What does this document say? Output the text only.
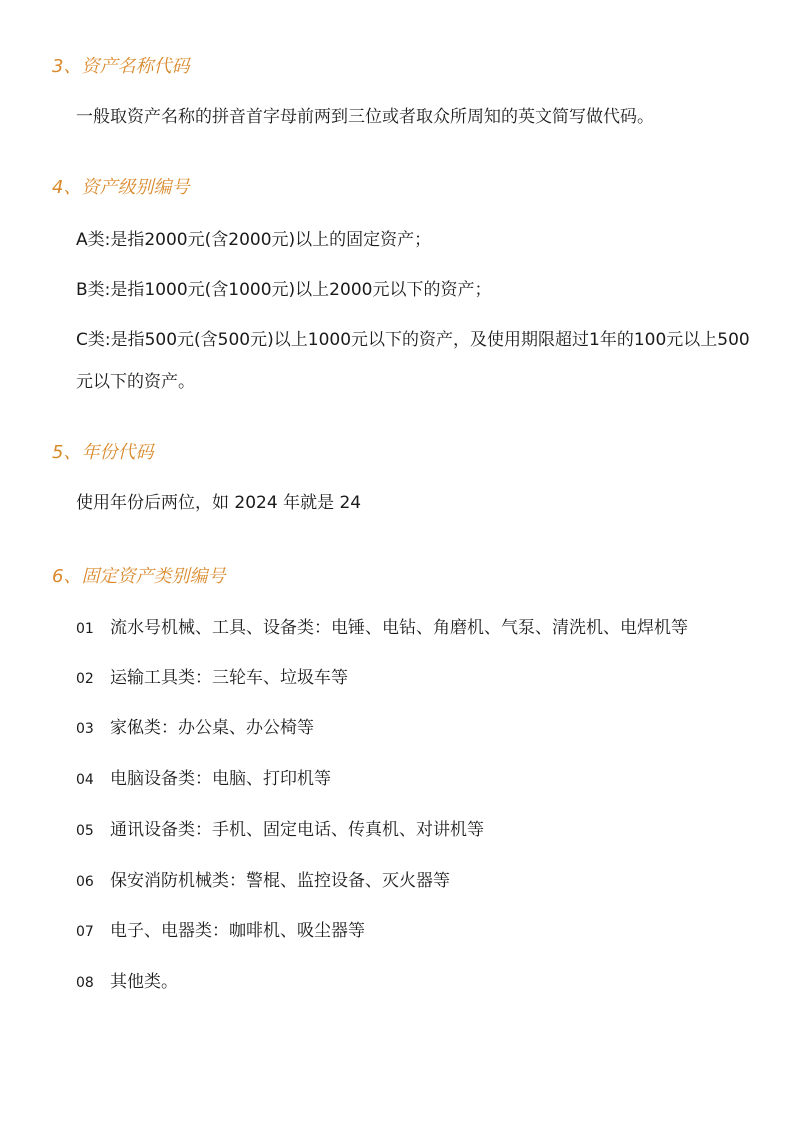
3、资产名称代码
一般取资产名称的拼音首字母前两到三位或者取众所周知的英文简写做代码。
4、资产级别编号
A类:是指2000元(含2000元)以上的固定资产；
B类:是指1000元(含1000元)以上2000元以下的资产；
C类:是指500元(含500元)以上1000元以下的资产，及使用期限超过1年的100元以上500元以下的资产。
5、年份代码
使用年份后两位，如 2024 年就是 24
6、固定资产类别编号
01 流水号机械、工具、设备类：电锤、电钻、角磨机、气泵、清洗机、电焊机等
02 运输工具类：三轮车、垃圾车等
03 家俬类：办公桌、办公椅等
04 电脑设备类：电脑、打印机等
05 通讯设备类：手机、固定电话、传真机、对讲机等
06 保安消防机械类：警棍、监控设备、灭火器等
07 电子、电器类：咖啡机、吸尘器等
08 其他类。
